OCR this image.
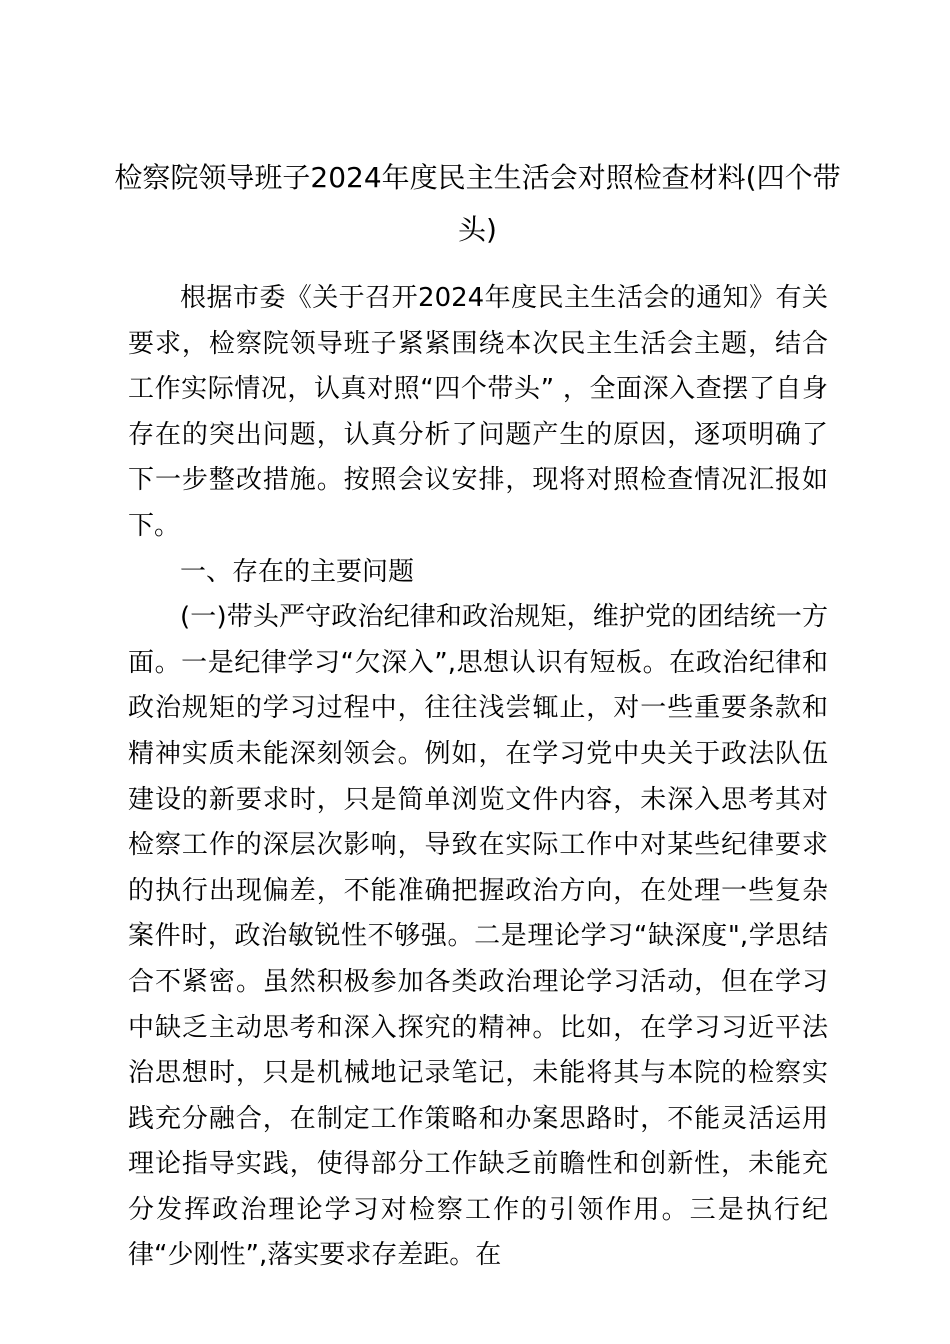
检察院领导班子2024年度民主生活会对照检查材料(四个带头)

根据市委《关于召开2024年度民主生活会的通知》有关要求，检察院领导班子紧紧围绕本次民主生活会主题，结合工作实际情况，认真对照“四个带头” ，全面深入查摆了自身存在的突出问题，认真分析了问题产生的原因，逐项明确了下一步整改措施。按照会议安排，现将对照检查情况汇报如下。

一、存在的主要问题

(一)带头严守政治纪律和政治规矩，维护党的团结统一方面。一是纪律学习“欠深入”,思想认识有短板。在政治纪律和政治规矩的学习过程中，往往浅尝辄止，对一些重要条款和精神实质未能深刻领会。例如，在学习党中央关于政法队伍建设的新要求时，只是简单浏览文件内容，未深入思考其对检察工作的深层次影响，导致在实际工作中对某些纪律要求的执行出现偏差，不能准确把握政治方向，在处理一些复杂案件时，政治敏锐性不够强。二是理论学习“缺深度",学思结合不紧密。虽然积极参加各类政治理论学习活动，但在学习中缺乏主动思考和深入探究的精神。比如，在学习习近平法治思想时，只是机械地记录笔记，未能将其与本院的检察实践充分融合，在制定工作策略和办案思路时，不能灵活运用理论指导实践，使得部分工作缺乏前瞻性和创新性，未能充分发挥政治理论学习对检察工作的引领作用。三是执行纪律“少刚性”,落实要求存差距。在
